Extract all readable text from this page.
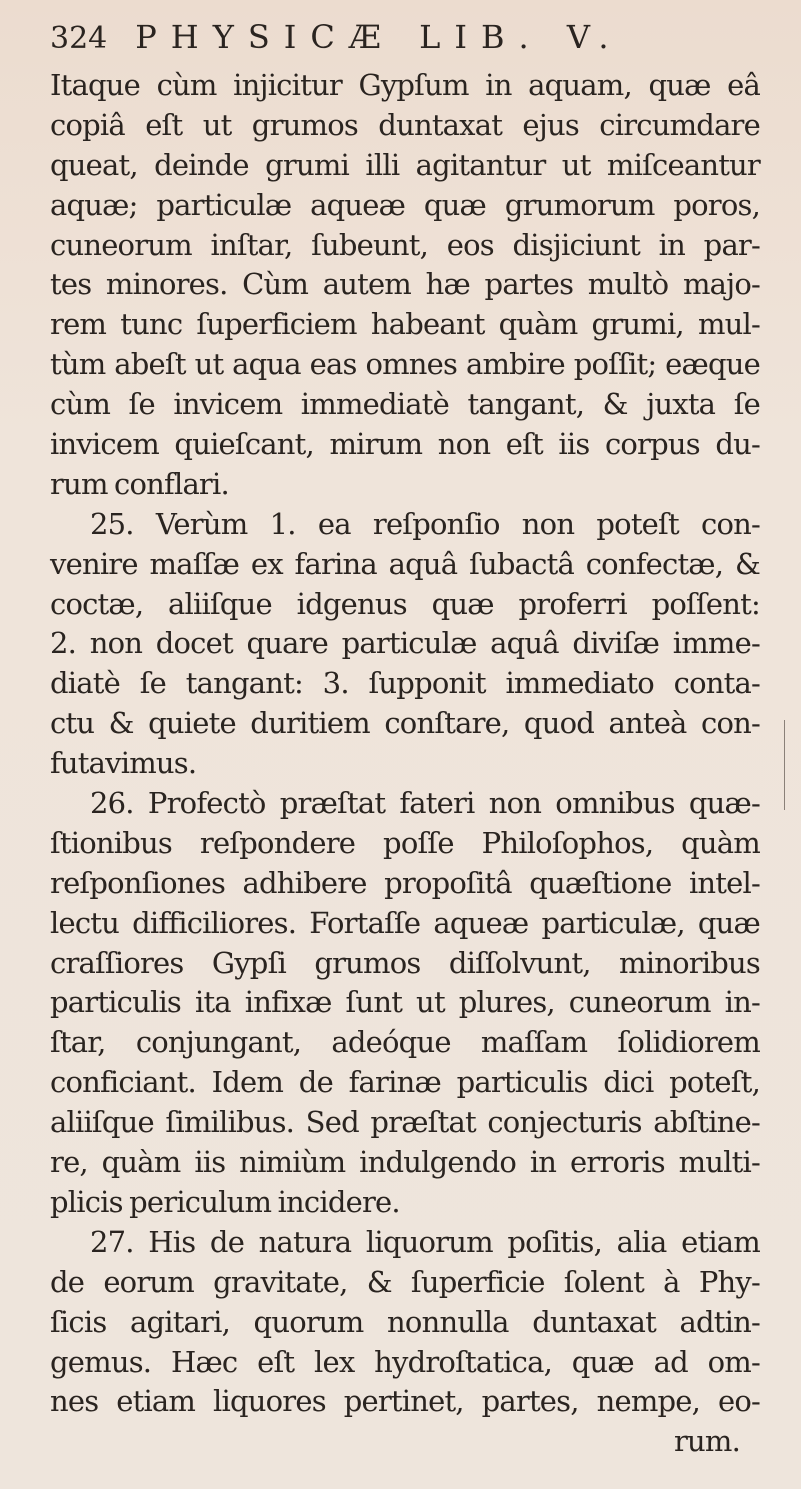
324 PHYSICÆ LIB. V.
Itaque cùm injicitur Gypſum in aquam, quæ eâ
copiâ eſt ut grumos duntaxat ejus circumdare
queat, deinde grumi illi agitantur ut miſceantur
aquæ; particulæ aqueæ quæ grumorum poros,
cuneorum inſtar, ſubeunt, eos disjiciunt in par-
tes minores. Cùm autem hæ partes multò majo-
rem tunc ſuperficiem habeant quàm grumi, mul-
tùm abeſt ut aqua eas omnes ambire poſſit; eæque
cùm ſe invicem immediatè tangant, & juxta ſe
invicem quieſcant, mirum non eſt iis corpus du-
rum conflari.
25. Verùm 1. ea reſponſio non poteſt con-
venire maſſæ ex farina aquâ ſubactâ confectæ, &
coctæ, aliiſque idgenus quæ proferri poſſent:
2. non docet quare particulæ aquâ diviſæ imme-
diatè ſe tangant: 3. ſupponit immediato conta-
ctu & quiete duritiem conſtare, quod anteà con-
futavimus.
26. Profectò præſtat fateri non omnibus quæ-
ſtionibus reſpondere poſſe Philoſophos, quàm
reſponſiones adhibere propoſitâ quæſtione intel-
lectu difficiliores. Fortaſſe aqueæ particulæ, quæ
craſſiores Gypſi grumos diſſolvunt, minoribus
particulis ita infixæ ſunt ut plures, cuneorum in-
ſtar, conjungant, adeóque maſſam ſolidiorem
conficiant. Idem de farinæ particulis dici poteſt,
aliiſque ſimilibus. Sed præſtat conjecturis abſtine-
re, quàm iis nimiùm indulgendo in erroris multi-
plicis periculum incidere.
27. His de natura liquorum poſitis, alia etiam
de eorum gravitate, & ſuperficie ſolent à Phy-
ſicis agitari, quorum nonnulla duntaxat adtin-
gemus. Hæc eſt lex hydroſtatica, quæ ad om-
nes etiam liquores pertinet, partes, nempe, eo-
rum.
